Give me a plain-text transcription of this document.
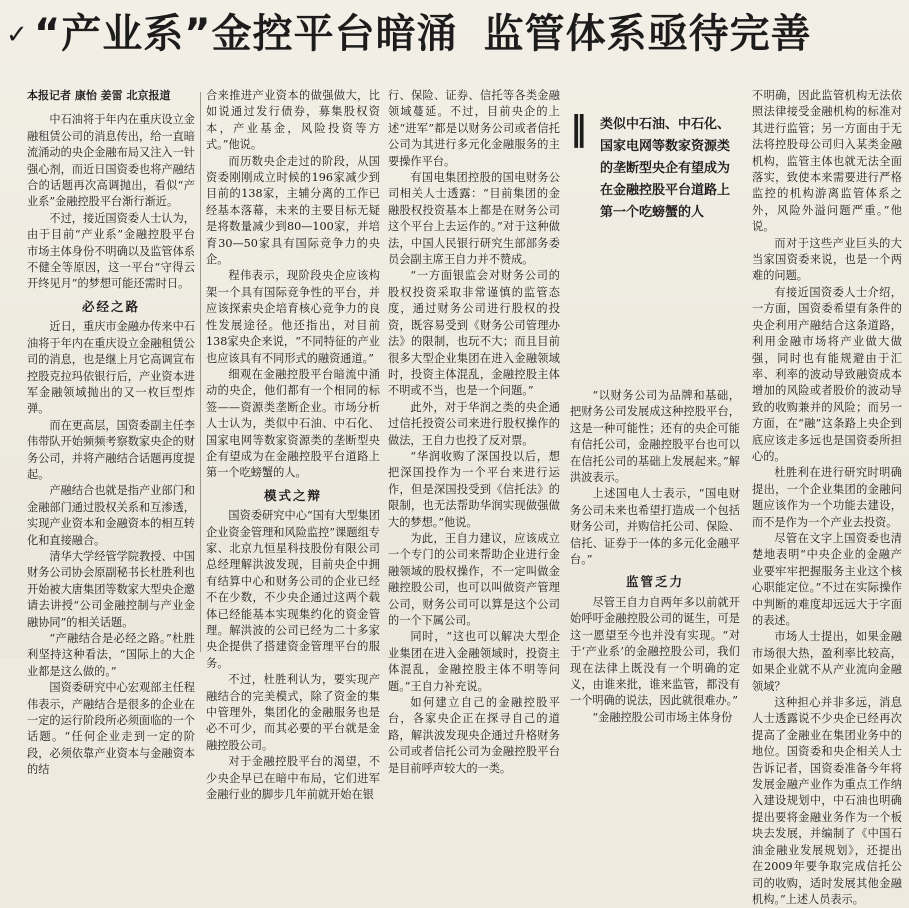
✓ “产业系”金控平台暗涌 监管体系亟待完善
本报记者 康怡 姜雷 北京报道

中石油将于年内在重庆设立金融租赁公司的消息传出，给一直暗流涌动的央企金融布局又注入一针强心剂，而近日国资委也将产融结合的话题再次高调抛出，看似“产业系”金融控股平台渐行渐近。

不过，接近国资委人士认为，由于目前“产业系”金融控股平台市场主体身份不明确以及监管体系不健全等原因，这一平台“守得云开终见月”的梦想可能还需时日。

必经之路

近日，重庆市金融办传来中石油将于年内在重庆设立金融租赁公司的消息，也是继上月它高调宣布控股克拉玛依银行后，产业资本进军金融领域抛出的又一枚巨型炸弹。

而在更高层，国资委副主任李伟带队开始频频考察数家央企的财务公司，并将产融结合话题再度提起。

产融结合也就是指产业部门和金融部门通过股权关系和互渗透，实现产业资本和金融资本的相互转化和直接融合。

清华大学经管学院教授、中国财务公司协会原副秘书长杜胜利也开始被大唐集团等数家大型央企邀请去讲授“公司金融控制与产业金融协同”的相关话题。

“产融结合是必经之路。”杜胜利坚持这种看法，“国际上的大企业都是这么做的。”

国资委研究中心宏观部主任程伟表示，产融结合是很多的企业在一定的运行阶段所必须面临的一个话题。“任何企业走到一定的阶段，必须依靠产业资本与金融资本的结

合来推进产业资本的做强做大，比如说通过发行债券，募集股权资本，产业基金，风险投资等方式。”他说。

而历数央企走过的阶段，从国资委刚刚成立时候的196家减少到目前的138家，主辅分离的工作已经基本落幕，未来的主要目标无疑是将数量减少到80—100家，并培育30—50家具有国际竞争力的央企。

程伟表示，现阶段央企应该构架一个具有国际竞争性的平台，并应该探索央企培育核心竞争力的良性发展途径。他还指出，对目前138家央企来说，“不同特征的产业也应该具有不同形式的融资通道。”

细观在金融控股平台暗流中涌动的央企，他们都有一个相同的标签——资源类垄断企业。市场分析人士认为，类似中石油、中石化、国家电网等数家资源类的垄断型央企有望成为在金融控股平台道路上第一个吃螃蟹的人。

模式之辩

国资委研究中心“国有大型集团企业资金管理和风险监控”课题组专家、北京九恒星科技股份有限公司总经理解洪波发现，目前央企中拥有结算中心和财务公司的企业已经不在少数，不少央企通过这两个载体已经能基本实现集约化的资金管理。解洪波的公司已经为二十多家央企提供了搭建资金管理平台的服务。

不过，杜胜利认为，要实现产融结合的完美模式，除了资金的集中管理外，集团化的金融服务也是必不可少，而其必要的平台就是金融控股公司。

对于金融控股平台的渴望，不少央企早已在暗中布局，它们进军金融行业的脚步几年前就开始在银

行、保险、证券、信托等各类金融领域蔓延。不过，目前央企的上述“进军”都是以财务公司或者信托公司为其进行多元化金融服务的主要操作平台。

有国电集团控股的国电财务公司相关人士透露：“目前集团的金融股权投资基本上都是在财务公司这个平台上去运作的。”对于这种做法，中国人民银行研究生部部务委员会副主席王自力并不赞成。

“一方面银监会对财务公司的股权投资采取非常谨慎的监管态度，通过财务公司进行股权的投资，既容易受到《财务公司管理办法》的限制，也玩不大；而且目前很多大型企业集团在进入金融领域时，投资主体混乱，金融控股主体不明或不当，也是一个问题。”

此外，对于华润之类的央企通过信托投资公司来进行股权操作的做法，王自力也投了反对票。

“华润收购了深国投以后，想把深国投作为一个平台来进行运作，但是深国投受到《信托法》的限制，也无法帮助华润实现做强做大的梦想。”他说。

为此，王自力建议，应该成立一个专门的公司来帮助企业进行金融领域的股权操作，不一定叫做金融控股公司，也可以叫做资产管理公司，财务公司可以算是这个公司的一个下属公司。

同时，“这也可以解决大型企业集团在进入金融领域时，投资主体混乱，金融控股主体不明等问题。”王自力补充说。

如何建立自己的金融控股平台，各家央企正在探寻自己的道路，解洪波发现央企通过升格财务公司或者信托公司为金融控股平台是目前呼声较大的一类。

‖ 类似中石油、中石化、国家电网等数家资源类的垄断型央企有望成为在金融控股平台道路上第一个吃螃蟹的人

“以财务公司为品牌和基础，把财务公司发展成这种控股平台，这是一种可能性；还有的央企可能有信托公司，金融控股平台也可以在信托公司的基础上发展起来。”解洪波表示。

上述国电人士表示，“国电财务公司未来也希望打造成一个包括财务公司，并购信托公司、保险、信托、证券于一体的多元化金融平台。”

监管乏力

尽管王自力自两年多以前就开始呼吁金融控股公司的诞生，可是这一愿望至今也并没有实现。“对于‘产业系’的金融控股公司，我们现在法律上既没有一个明确的定义，由谁来批，谁来监管，都没有一个明确的说法，因此就很难办。”

“金融控股公司市场主体身份

不明确，因此监管机构无法依照法律接受金融机构的标准对其进行监管；另一方面由于无法将控股母公司归入某类金融机构，监管主体也就无法全面落实，致使本来需要进行严格监控的机构游离监管体系之外，风险外溢问题严重。”他说。

而对于这些产业巨头的大当家国资委来说，也是一个两难的问题。

有接近国资委人士介绍，一方面，国资委希望有条件的央企利用产融结合这条道路，利用金融市场将产业做大做强，同时也有能规避由于汇率、利率的波动导致融资成本增加的风险或者股价的波动导致的收购兼并的风险；而另一方面，在“融”这条路上央企到底应该走多远也是国资委所担心的。

杜胜利在进行研究时明确提出，一个企业集团的金融问题应该作为一个功能去建设，而不是作为一个产业去投资。

尽管在文字上国资委也清楚地表明“中央企业的金融产业要牢牢把握服务主业这个核心职能定位。”不过在实际操作中判断的难度却远远大于字面的表述。

市场人士提出，如果金融市场很大热，盈利率比较高，如果企业就不从产业流向金融领域？

这种担心并非多远，消息人士透露说不少央企已经再次提高了金融业在集团业务中的地位。国资委和央企相关人士告诉记者，国资委准备今年将发展金融产业作为重点工作纳入建设规划中，中石油也明确提出要将金融业务作为一个板块去发展，并编制了《中国石油金融业发展规划》，还提出在2009年要争取完成信托公司的收购，适时发展其他金融机构。”上述人员表示。
